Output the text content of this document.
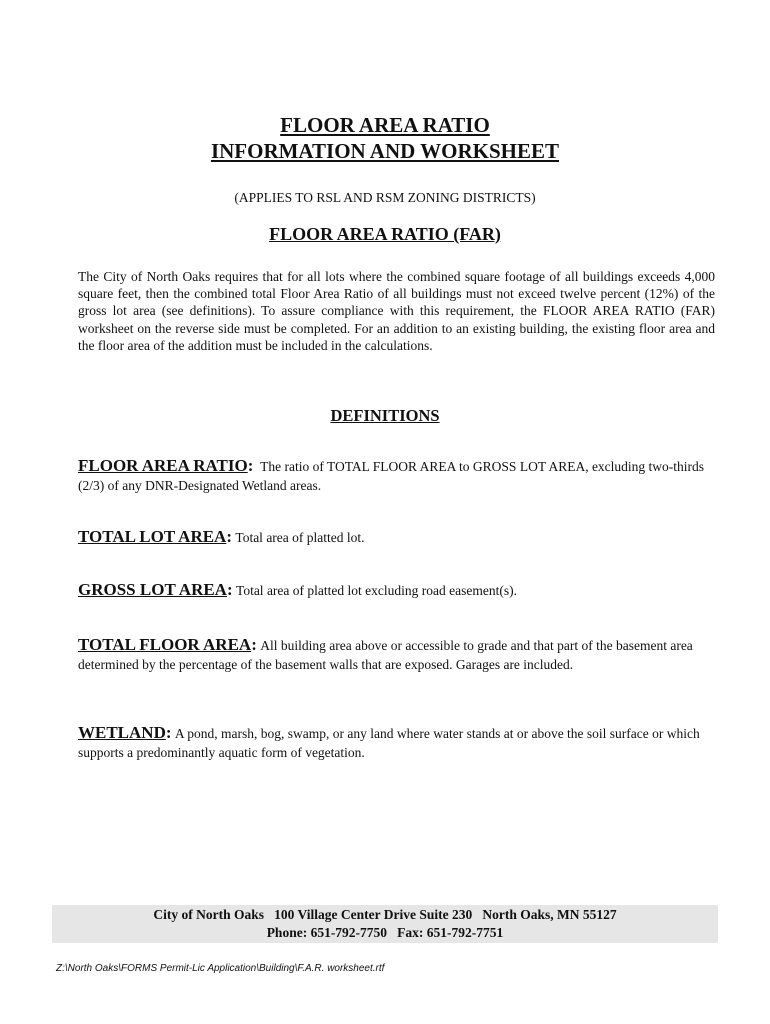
FLOOR AREA RATIO
INFORMATION AND WORKSHEET
(APPLIES TO RSL AND RSM ZONING DISTRICTS)
FLOOR AREA RATIO (FAR)

The City of North Oaks requires that for all lots where the combined square footage of all buildings exceeds 4,000 square feet, then the combined total Floor Area Ratio of all buildings must not exceed twelve percent (12%) of the gross lot area (see definitions). To assure compliance with this requirement, the FLOOR AREA RATIO (FAR) worksheet on the reverse side must be completed. For an addition to an existing building, the existing floor area and the floor area of the addition must be included in the calculations.

DEFINITIONS

FLOOR AREA RATIO: The ratio of TOTAL FLOOR AREA to GROSS LOT AREA, excluding two-thirds (2/3) of any DNR-Designated Wetland areas.

TOTAL LOT AREA: Total area of platted lot.

GROSS LOT AREA: Total area of platted lot excluding road easement(s).

TOTAL FLOOR AREA: All building area above or accessible to grade and that part of the basement area determined by the percentage of the basement walls that are exposed. Garages are included.

WETLAND: A pond, marsh, bog, swamp, or any land where water stands at or above the soil surface or which supports a predominantly aquatic form of vegetation.

City of North Oaks   100 Village Center Drive Suite 230   North Oaks, MN 55127
Phone: 651-792-7750   Fax: 651-792-7751
Z:\North Oaks\FORMS Permit-Lic Application\Building\F.A.R. worksheet.rtf
